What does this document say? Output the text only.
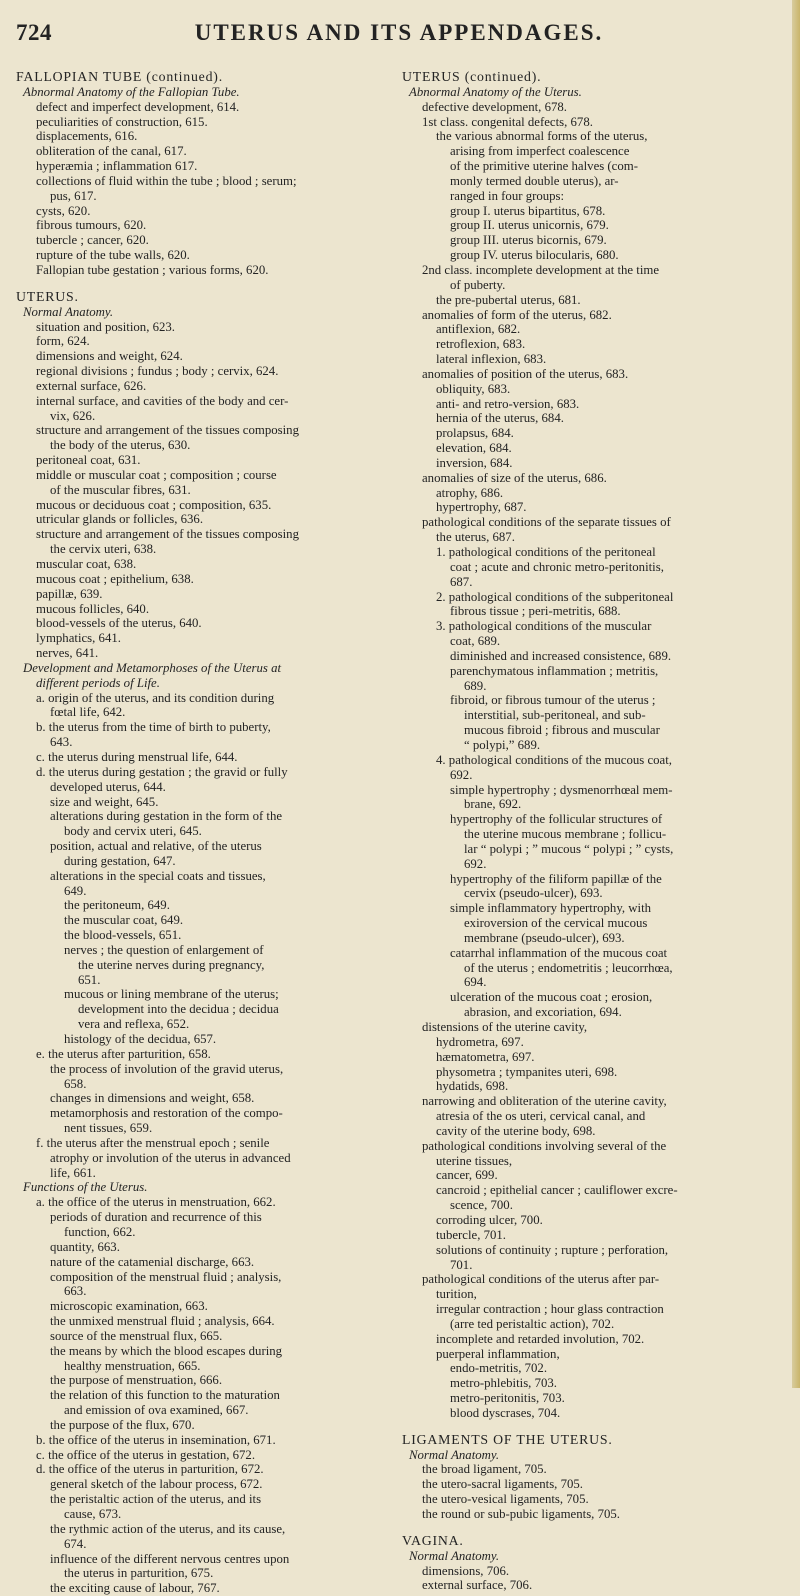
724	UTERUS AND ITS APPENDAGES.
FALLOPIAN TUBE (continued).
Abnormal Anatomy of the Fallopian Tube.
defect and imperfect development, 614.
peculiarities of construction, 615.
displacements, 616.
obliteration of the canal, 617.
hyperæmia ; inflammation 617.
collections of fluid within the tube ; blood ; serum;
pus, 617.
cysts, 620.
fibrous tumours, 620.
tubercle ; cancer, 620.
rupture of the tube walls, 620.
Fallopian tube gestation ; various forms, 620.
UTERUS.
Normal Anatomy.
situation and position, 623.
form, 624.
dimensions and weight, 624.
regional divisions ; fundus ; body ; cervix, 624.
external surface, 626.
internal surface, and cavities of the body and cer-
vix, 626.
structure and arrangement of the tissues composing
the body of the uterus, 630.
peritoneal coat, 631.
middle or muscular coat ; composition ; course
of the muscular fibres, 631.
mucous or deciduous coat ; composition, 635.
utricular glands or follicles, 636.
structure and arrangement of the tissues composing
the cervix uteri, 638.
muscular coat, 638.
mucous coat ; epithelium, 638.
papillæ, 639.
mucous follicles, 640.
blood-vessels of the uterus, 640.
lymphatics, 641.
nerves, 641.
Development and Metamorphoses of the Uterus at
different periods of Life.
a. origin of the uterus, and its condition during
fœtal life, 642.
b. the uterus from the time of birth to puberty,
643.
c. the uterus during menstrual life, 644.
d. the uterus during gestation ; the gravid or fully
developed uterus, 644.
size and weight, 645.
alterations during gestation in the form of the
body and cervix uteri, 645.
position, actual and relative, of the uterus
during gestation, 647.
alterations in the special coats and tissues,
649.
the peritoneum, 649.
the muscular coat, 649.
the blood-vessels, 651.
nerves ; the question of enlargement of
the uterine nerves during pregnancy,
651.
mucous or lining membrane of the uterus;
development into the decidua ; decidua
vera and reflexa, 652.
histology of the decidua, 657.
e. the uterus after parturition, 658.
the process of involution of the gravid uterus,
658.
changes in dimensions and weight, 658.
metamorphosis and restoration of the compo-
nent tissues, 659.
f. the uterus after the menstrual epoch ; senile
atrophy or involution of the uterus in advanced
life, 661.
Functions of the Uterus.
a. the office of the uterus in menstruation, 662.
periods of duration and recurrence of this
function, 662.
quantity, 663.
nature of the catamenial discharge, 663.
composition of the menstrual fluid ; analysis,
663.
microscopic examination, 663.
the unmixed menstrual fluid ; analysis, 664.
source of the menstrual flux, 665.
the means by which the blood escapes during
healthy menstruation, 665.
the purpose of menstruation, 666.
the relation of this function to the maturation
and emission of ova examined, 667.
the purpose of the flux, 670.
b. the office of the uterus in insemination, 671.
c. the office of the uterus in gestation, 672.
d. the office of the uterus in parturition, 672.
general sketch of the labour process, 672.
the peristaltic action of the uterus, and its
cause, 673.
the rythmic action of the uterus, and its cause,
674.
influence of the different nervous centres upon
the uterus in parturition, 675.
the exciting cause of labour, 767.
UTERUS (continued).
Abnormal Anatomy of the Uterus.
defective development, 678.
1st class. congenital defects, 678.
the various abnormal forms of the uterus,
arising from imperfect coalescence
of the primitive uterine halves (com-
monly termed double uterus), ar-
ranged in four groups:
group I. uterus bipartitus, 678.
group II. uterus unicornis, 679.
group III. uterus bicornis, 679.
group IV. uterus bilocularis, 680.
2nd class. incomplete development at the time
of puberty.
the pre-pubertal uterus, 681.
anomalies of form of the uterus, 682.
antiflexion, 682.
retroflexion, 683.
lateral inflexion, 683.
anomalies of position of the uterus, 683.
obliquity, 683.
anti- and retro-version, 683.
hernia of the uterus, 684.
prolapsus, 684.
elevation, 684.
inversion, 684.
anomalies of size of the uterus, 686.
atrophy, 686.
hypertrophy, 687.
pathological conditions of the separate tissues of
the uterus, 687.
1. pathological conditions of the peritoneal
coat ; acute and chronic metro-peritonitis,
687.
2. pathological conditions of the subperitoneal
fibrous tissue ; peri-metritis, 688.
3. pathological conditions of the muscular
coat, 689.
diminished and increased consistence, 689.
parenchymatous inflammation ; metritis,
689.
fibroid, or fibrous tumour of the uterus ;
interstitial, sub-peritoneal, and sub-
mucous fibroid ; fibrous and muscular
“ polypi,” 689.
4. pathological conditions of the mucous coat,
692.
simple hypertrophy ; dysmenorrhœal mem-
brane, 692.
hypertrophy of the follicular structures of
the uterine mucous membrane ; follicu-
lar “ polypi ; ” mucous “ polypi ; ” cysts,
692.
hypertrophy of the filiform papillæ of the
cervix (pseudo-ulcer), 693.
simple inflammatory hypertrophy, with
exiroversion of the cervical mucous
membrane (pseudo-ulcer), 693.
catarrhal inflammation of the mucous coat
of the uterus ; endometritis ; leucorrhœa,
694.
ulceration of the mucous coat ; erosion,
abrasion, and excoriation, 694.
distensions of the uterine cavity,
hydrometra, 697.
hæmatometra, 697.
physometra ; tympanites uteri, 698.
hydatids, 698.
narrowing and obliteration of the uterine cavity,
atresia of the os uteri, cervical canal, and
cavity of the uterine body, 698.
pathological conditions involving several of the
uterine tissues,
cancer, 699.
cancroid ; epithelial cancer ; cauliflower excre-
scence, 700.
corroding ulcer, 700.
tubercle, 701.
solutions of continuity ; rupture ; perforation,
701.
pathological conditions of the uterus after par-
turition,
irregular contraction ; hour glass contraction
(arre ted peristaltic action), 702.
incomplete and retarded involution, 702.
puerperal inflammation,
endo-metritis, 702.
metro-phlebitis, 703.
metro-peritonitis, 703.
blood dyscrases, 704.
LIGAMENTS OF THE UTERUS.
Normal Anatomy.
the broad ligament, 705.
the utero-sacral ligaments, 705.
the utero-vesical ligaments, 705.
the round or sub-pubic ligaments, 705.
VAGINA.
Normal Anatomy.
dimensions, 706.
external surface, 706.
